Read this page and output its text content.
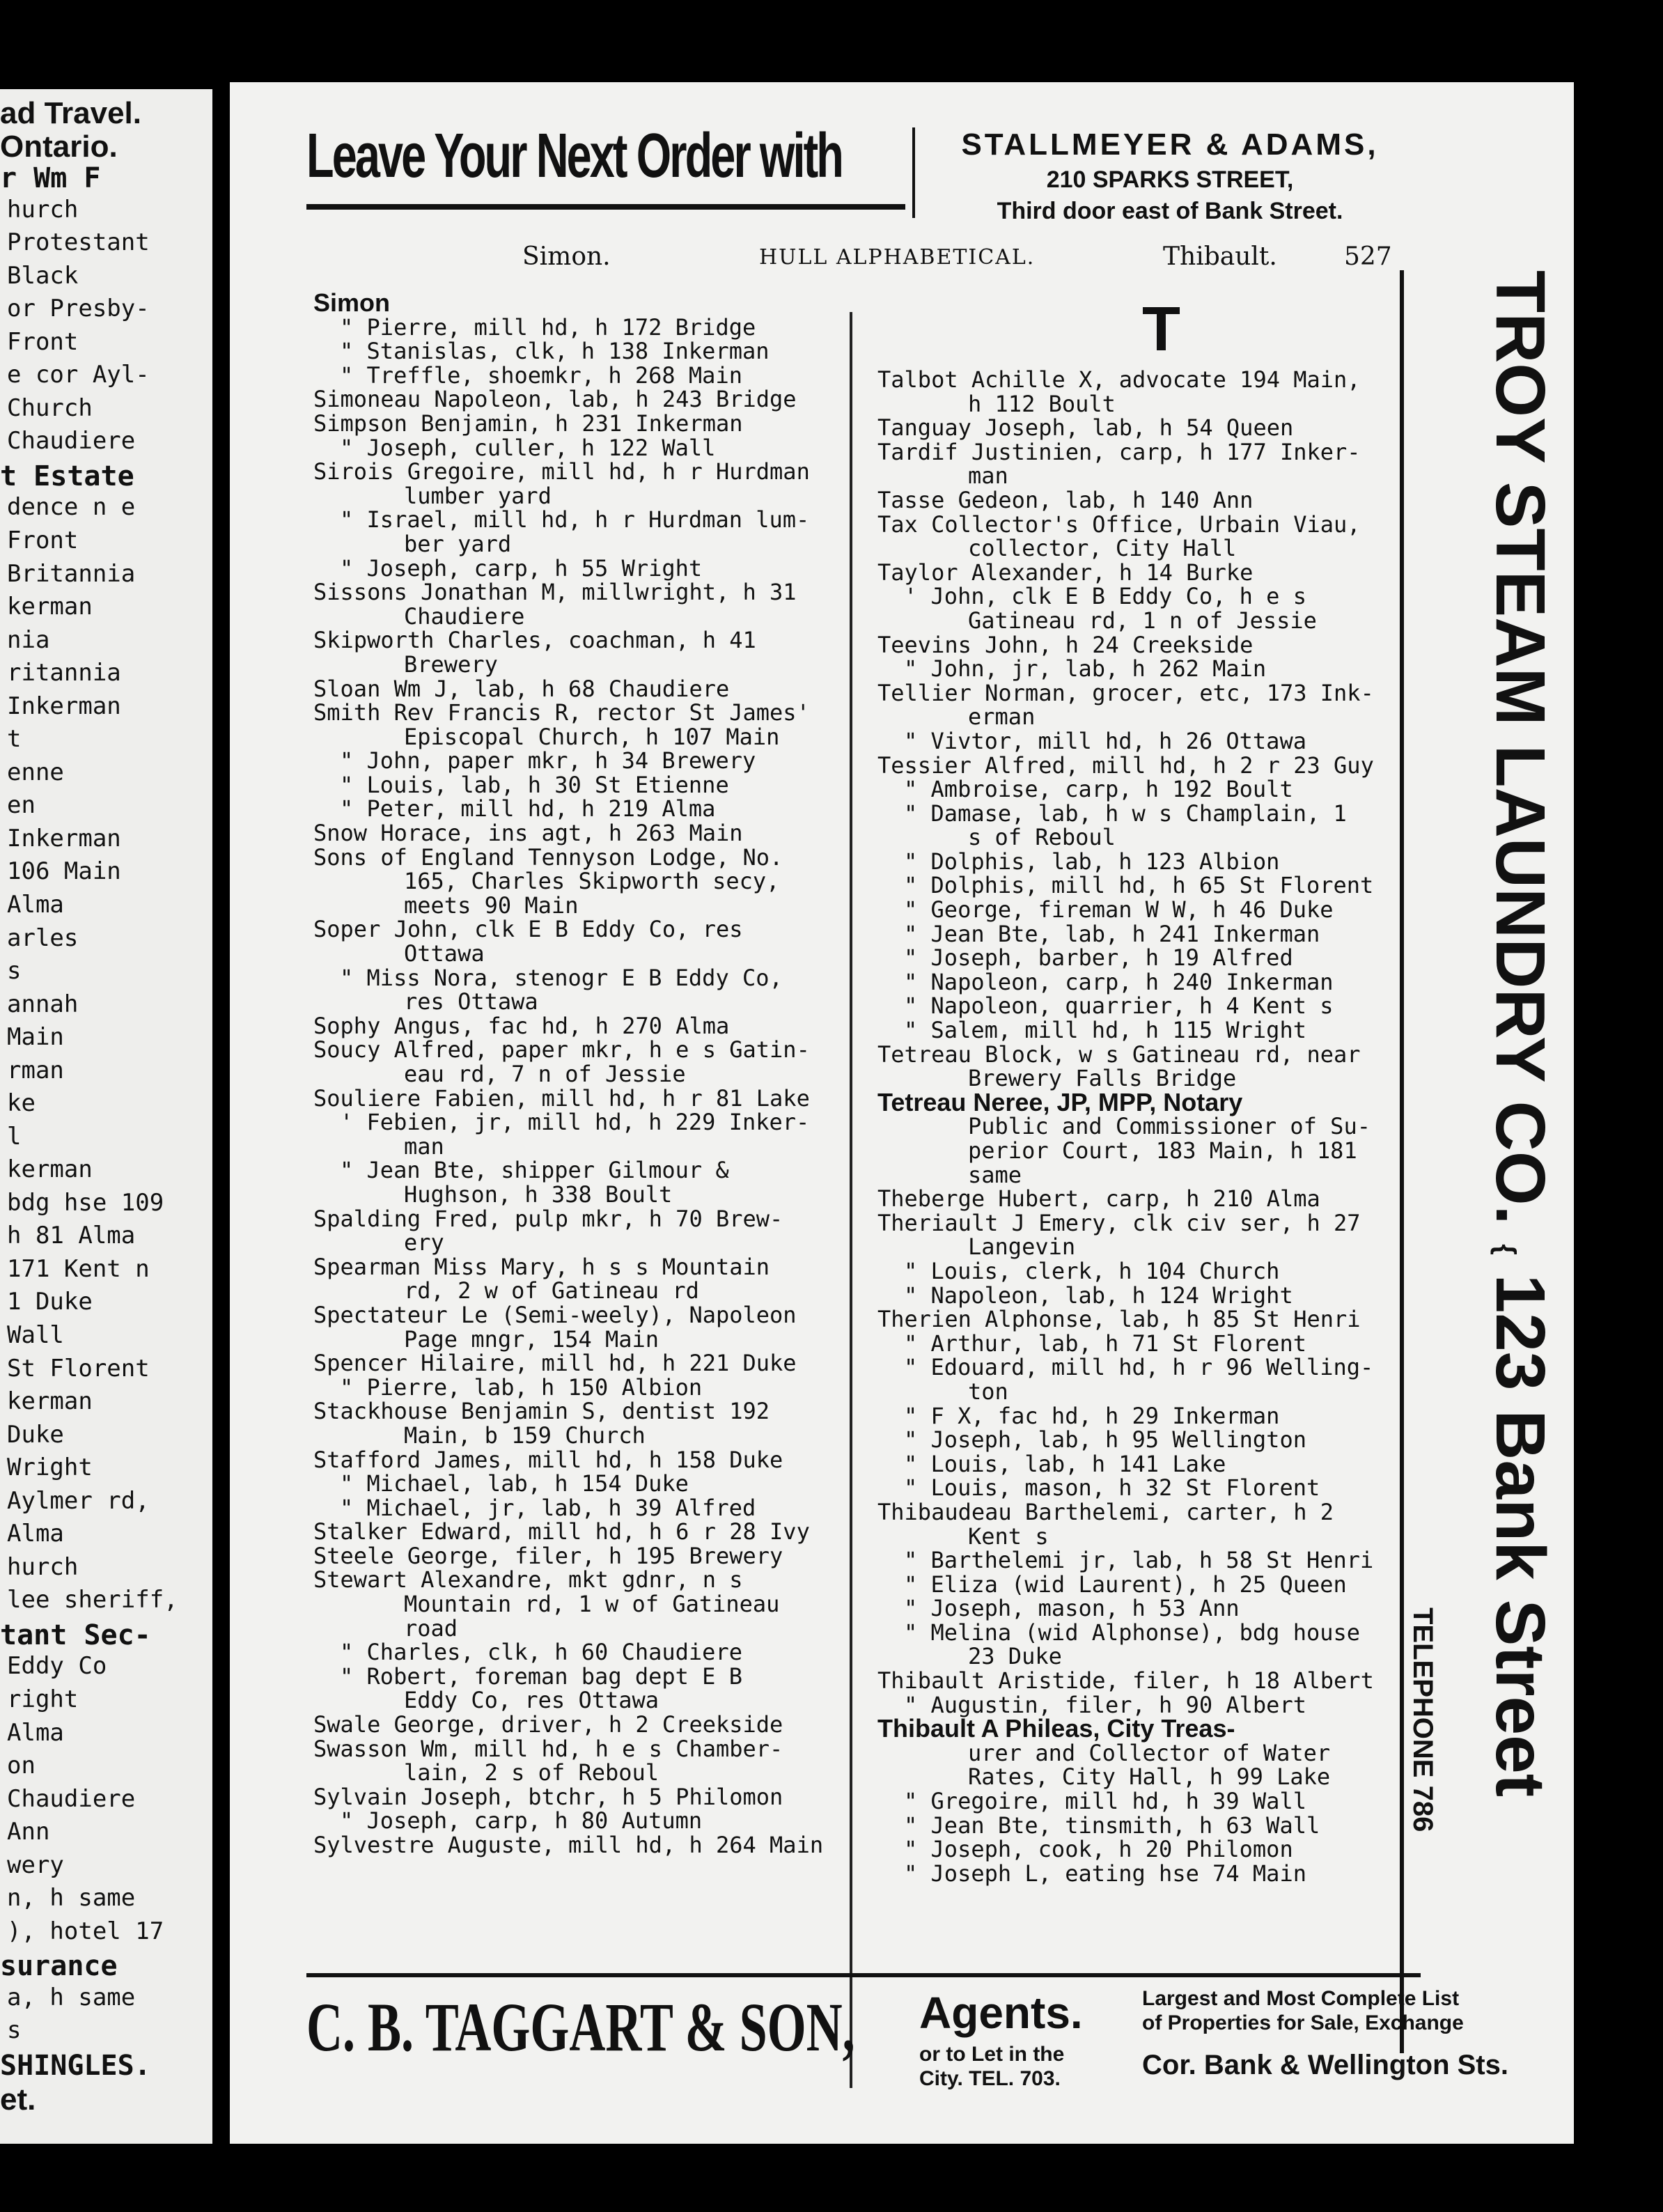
ad Travel.
Ontario.
r Wm F
hurch
Protestant
Black
or Presby-
Front
e cor Ayl-
Church
Chaudiere
t Estate
dence n e
Front
Britannia
kerman
nia
ritannia
Inkerman
t
enne
en
Inkerman
106 Main
Alma
arles
s
annah
Main
rman
ke
l
kerman
bdg hse 109
h 81 Alma
171 Kent n
1 Duke
Wall
St Florent
kerman
Duke
Wright
Aylmer rd,
Alma
hurch
lee sheriff,
tant Sec-
Eddy Co
right
Alma
on
Chaudiere
Ann
wery
n, h same
), hotel 17
surance
a, h same
s
SHINGLES.
et.
Leave Your Next Order with	STALLMEYER & ADAMS,
210 SPARKS STREET,
Third door east of Bank Street.
Simon.	HULL ALPHABETICAL.	Thibault.	527
Simon
" Pierre, mill hd, h 172 Bridge
" Stanislas, clk, h 138 Inkerman
" Treffle, shoemkr, h 268 Main
Simoneau Napoleon, lab, h 243 Bridge
Simpson Benjamin, h 231 Inkerman
" Joseph, culler, h 122 Wall
Sirois Gregoire, mill hd, h r Hurdman
lumber yard
" Israel, mill hd, h r Hurdman lum-
ber yard
" Joseph, carp, h 55 Wright
Sissons Jonathan M, millwright, h 31
Chaudiere
Skipworth Charles, coachman, h 41
Brewery
Sloan Wm J, lab, h 68 Chaudiere
Smith Rev Francis R, rector St James'
Episcopal Church, h 107 Main
" John, paper mkr, h 34 Brewery
" Louis, lab, h 30 St Etienne
" Peter, mill hd, h 219 Alma
Snow Horace, ins agt, h 263 Main
Sons of England Tennyson Lodge, No.
165, Charles Skipworth secy,
meets 90 Main
Soper John, clk E B Eddy Co, res
Ottawa
" Miss Nora, stenogr E B Eddy Co,
res Ottawa
Sophy Angus, fac hd, h 270 Alma
Soucy Alfred, paper mkr, h e s Gatin-
eau rd, 7 n of Jessie
Souliere Fabien, mill hd, h r 81 Lake
' Febien, jr, mill hd, h 229 Inker-
man
" Jean Bte, shipper Gilmour &
Hughson, h 338 Boult
Spalding Fred, pulp mkr, h 70 Brew-
ery
Spearman Miss Mary, h s s Mountain
rd, 2 w of Gatineau rd
Spectateur Le (Semi-weely), Napoleon
Page mngr, 154 Main
Spencer Hilaire, mill hd, h 221 Duke
" Pierre, lab, h 150 Albion
Stackhouse Benjamin S, dentist 192
Main, b 159 Church
Stafford James, mill hd, h 158 Duke
" Michael, lab, h 154 Duke
" Michael, jr, lab, h 39 Alfred
Stalker Edward, mill hd, h 6 r 28 Ivy
Steele George, filer, h 195 Brewery
Stewart Alexandre, mkt gdnr, n s
Mountain rd, 1 w of Gatineau
road
" Charles, clk, h 60 Chaudiere
" Robert, foreman bag dept E B
Eddy Co, res Ottawa
Swale George, driver, h 2 Creekside
Swasson Wm, mill hd, h e s Chamber-
lain, 2 s of Reboul
Sylvain Joseph, btchr, h 5 Philomon
" Joseph, carp, h 80 Autumn
Sylvestre Auguste, mill hd, h 264 Main
T
Talbot Achille X, advocate 194 Main,
h 112 Boult
Tanguay Joseph, lab, h 54 Queen
Tardif Justinien, carp, h 177 Inker-
man
Tasse Gedeon, lab, h 140 Ann
Tax Collector's Office, Urbain Viau,
collector, City Hall
Taylor Alexander, h 14 Burke
' John, clk E B Eddy Co, h e s
Gatineau rd, 1 n of Jessie
Teevins John, h 24 Creekside
" John, jr, lab, h 262 Main
Tellier Norman, grocer, etc, 173 Ink-
erman
" Vivtor, mill hd, h 26 Ottawa
Tessier Alfred, mill hd, h 2 r 23 Guy
" Ambroise, carp, h 192 Boult
" Damase, lab, h w s Champlain, 1
s of Reboul
" Dolphis, lab, h 123 Albion
" Dolphis, mill hd, h 65 St Florent
" George, fireman W W, h 46 Duke
" Jean Bte, lab, h 241 Inkerman
" Joseph, barber, h 19 Alfred
" Napoleon, carp, h 240 Inkerman
" Napoleon, quarrier, h 4 Kent s
" Salem, mill hd, h 115 Wright
Tetreau Block, w s Gatineau rd, near
Brewery Falls Bridge
Tetreau Neree, JP, MPP, Notary
Public and Commissioner of Su-
perior Court, 183 Main, h 181
same
Theberge Hubert, carp, h 210 Alma
Theriault J Emery, clk civ ser, h 27
Langevin
" Louis, clerk, h 104 Church
" Napoleon, lab, h 124 Wright
Therien Alphonse, lab, h 85 St Henri
" Arthur, lab, h 71 St Florent
" Edouard, mill hd, h r 96 Welling-
ton
" F X, fac hd, h 29 Inkerman
" Joseph, lab, h 95 Wellington
" Louis, lab, h 141 Lake
" Louis, mason, h 32 St Florent
Thibaudeau Barthelemi, carter, h 2
Kent s
" Barthelemi jr, lab, h 58 St Henri
" Eliza (wid Laurent), h 25 Queen
" Joseph, mason, h 53 Ann
" Melina (wid Alphonse), bdg house
23 Duke
Thibault Aristide, filer, h 18 Albert
" Augustin, filer, h 90 Albert
Thibault A Phileas, City Treas-
urer and Collector of Water
Rates, City Hall, h 99 Lake
" Gregoire, mill hd, h 39 Wall
" Jean Bte, tinsmith, h 63 Wall
" Joseph, cook, h 20 Philomon
" Joseph L, eating hse 74 Main
TROY STEAM LAUNDRY CO. { 123 Bank Street
TELEPHONE 786
C. B. TAGGART & SON, Agents.
or to Let in the
City. TEL. 703.
Largest and Most Complete List
of Properties for Sale, Exchange
Cor. Bank & Wellington Sts.
